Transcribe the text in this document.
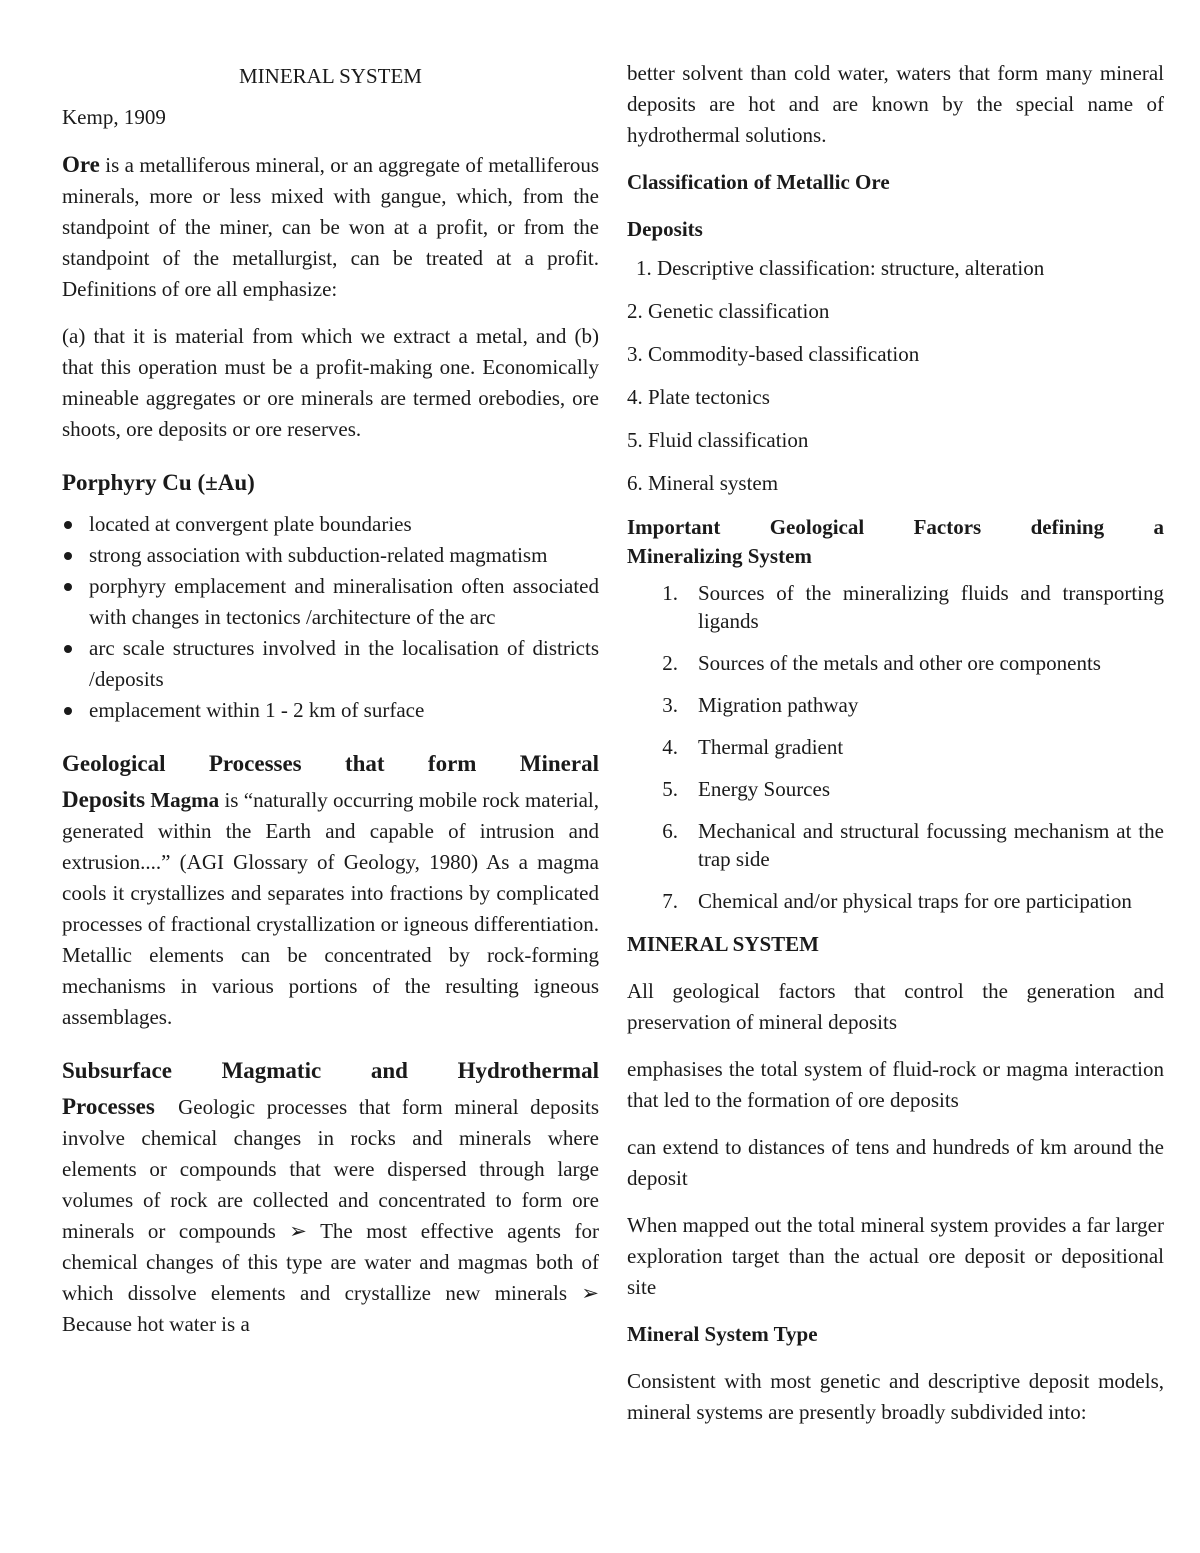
MINERAL SYSTEM

Kemp, 1909

Ore is a metalliferous mineral, or an aggregate of metalliferous minerals, more or less mixed with gangue, which, from the standpoint of the miner, can be won at a profit, or from the standpoint of the metallurgist, can be treated at a profit. Definitions of ore all emphasize:

(a) that it is material from which we extract a metal, and (b) that this operation must be a profit-making one. Economically mineable aggregates or ore minerals are termed orebodies, ore shoots, ore deposits or ore reserves.

Porphyry Cu (±Au)
located at convergent plate boundaries
strong association with subduction-related magmatism
porphyry emplacement and mineralisation often associated with changes in tectonics /architecture of the arc
arc scale structures involved in the localisation of districts /deposits
emplacement within 1 - 2 km of surface
Geological Processes that form Mineral

Deposits Magma is “naturally occurring mobile rock material, generated within the Earth and capable of intrusion and extrusion....” (AGI Glossary of Geology, 1980) As a magma cools it crystallizes and separates into fractions by complicated processes of fractional crystallization or igneous differentiation. Metallic elements can be concentrated by rock-forming mechanisms in various portions of the resulting igneous assemblages.

Subsurface Magmatic and Hydrothermal

Processes  Geologic processes that form mineral deposits involve chemical changes in rocks and minerals where elements or compounds that were dispersed through large volumes of rock are collected and concentrated to form ore minerals or compounds ➢ The most effective agents for chemical changes of this type are water and magmas both of which dissolve elements and crystallize new minerals ➢ Because hot water is a

better solvent than cold water, waters that form many mineral deposits are hot and are known by the special name of hydrothermal solutions.

Classification of Metallic Ore

Deposits

1. Descriptive classification: structure, alteration
2. Genetic classification
3. Commodity-based classification
4. Plate tectonics
5. Fluid classification
6. Mineral system
Important Geological Factors defining a
Mineralizing System
1. Sources of the mineralizing fluids and transporting ligands
2. Sources of the metals and other ore components
3. Migration pathway
4. Thermal gradient
5. Energy Sources
6. Mechanical and structural focussing mechanism at the trap side
7. Chemical and/or physical traps for ore participation

MINERAL SYSTEM

All geological factors that control the generation and preservation of mineral deposits

emphasises the total system of fluid-rock or magma interaction that led to the formation of ore deposits

can extend to distances of tens and hundreds of km around the deposit

When mapped out the total mineral system provides a far larger exploration target than the actual ore deposit or depositional site

Mineral System Type

Consistent with most genetic and descriptive deposit models, mineral systems are presently broadly subdivided into:
